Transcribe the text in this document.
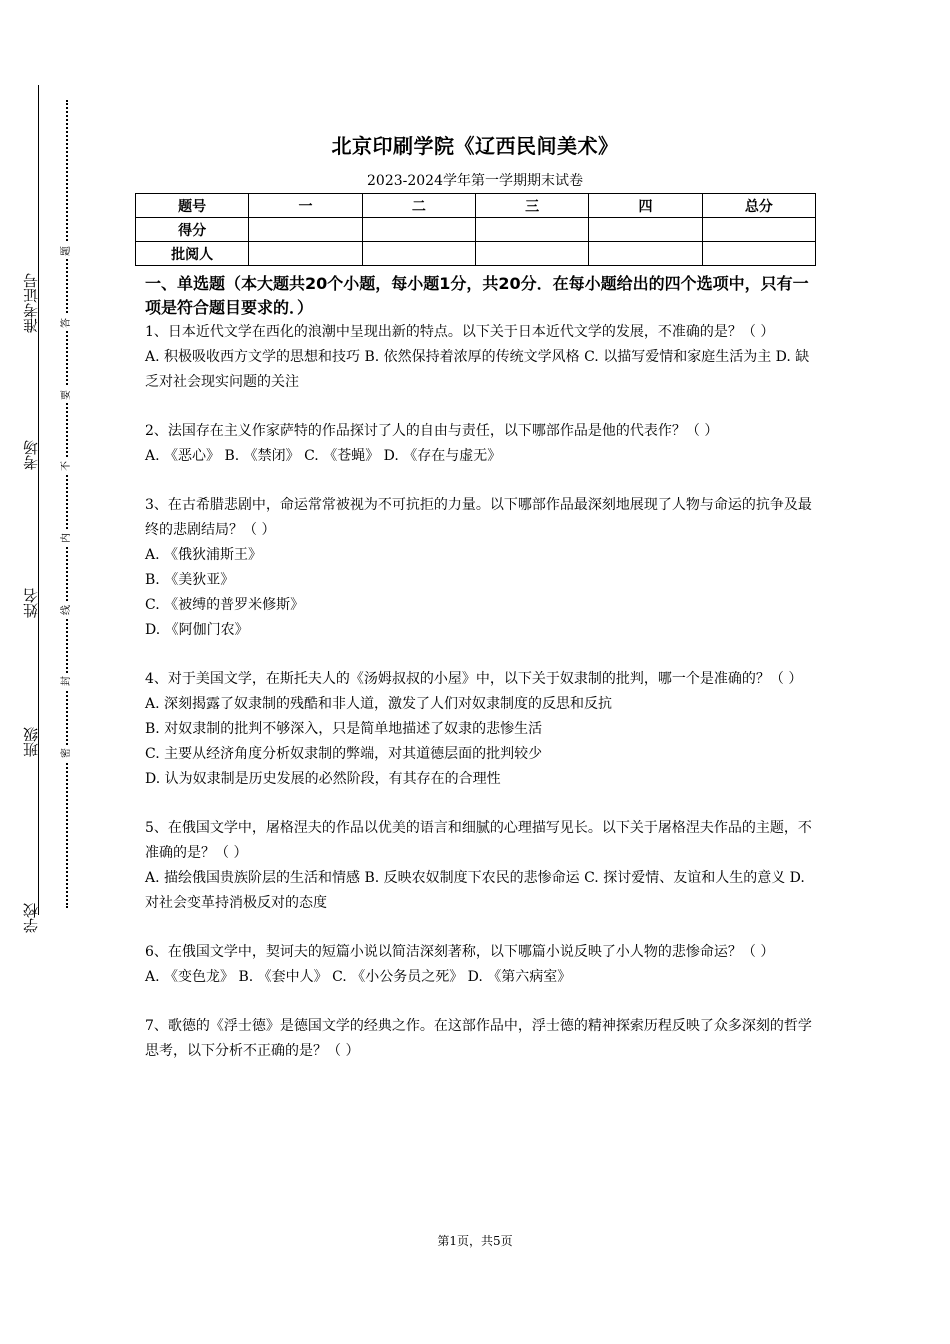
准考证号
考场
姓名
班级
学校
题
答
要
不
内
线
封
密
北京印刷学院《辽西民间美术》
2023-2024学年第一学期期末试卷
题号	一	二	三	四	总分
得分					
批阅人					
一、单选题（本大题共20个小题，每小题1分，共20分．在每小题给出的四个选项中，只有一项是符合题目要求的．）
1、日本近代文学在西化的浪潮中呈现出新的特点。以下关于日本近代文学的发展，不准确的是？（ ）
A. 积极吸收西方文学的思想和技巧 B. 依然保持着浓厚的传统文学风格 C. 以描写爱情和家庭生活为主 D. 缺乏对社会现实问题的关注
2、法国存在主义作家萨特的作品探讨了人的自由与责任，以下哪部作品是他的代表作？（ ）
A. 《恶心》 B. 《禁闭》 C. 《苍蝇》 D. 《存在与虚无》
3、在古希腊悲剧中，命运常常被视为不可抗拒的力量。以下哪部作品最深刻地展现了人物与命运的抗争及最终的悲剧结局？（ ）
A. 《俄狄浦斯王》
B. 《美狄亚》
C. 《被缚的普罗米修斯》
D. 《阿伽门农》
4、对于美国文学，在斯托夫人的《汤姆叔叔的小屋》中，以下关于奴隶制的批判，哪一个是准确的？（ ）
A. 深刻揭露了奴隶制的残酷和非人道，激发了人们对奴隶制度的反思和反抗
B. 对奴隶制的批判不够深入，只是简单地描述了奴隶的悲惨生活
C. 主要从经济角度分析奴隶制的弊端，对其道德层面的批判较少
D. 认为奴隶制是历史发展的必然阶段，有其存在的合理性
5、在俄国文学中，屠格涅夫的作品以优美的语言和细腻的心理描写见长。以下关于屠格涅夫作品的主题，不准确的是？（ ）
A. 描绘俄国贵族阶层的生活和情感 B. 反映农奴制度下农民的悲惨命运 C. 探讨爱情、友谊和人生的意义 D. 对社会变革持消极反对的态度
6、在俄国文学中，契诃夫的短篇小说以简洁深刻著称，以下哪篇小说反映了小人物的悲惨命运？（ ）
A. 《变色龙》 B. 《套中人》 C. 《小公务员之死》 D. 《第六病室》
7、歌德的《浮士德》是德国文学的经典之作。在这部作品中，浮士德的精神探索历程反映了众多深刻的哲学思考，以下分析不正确的是？（ ）
第1页，共5页
